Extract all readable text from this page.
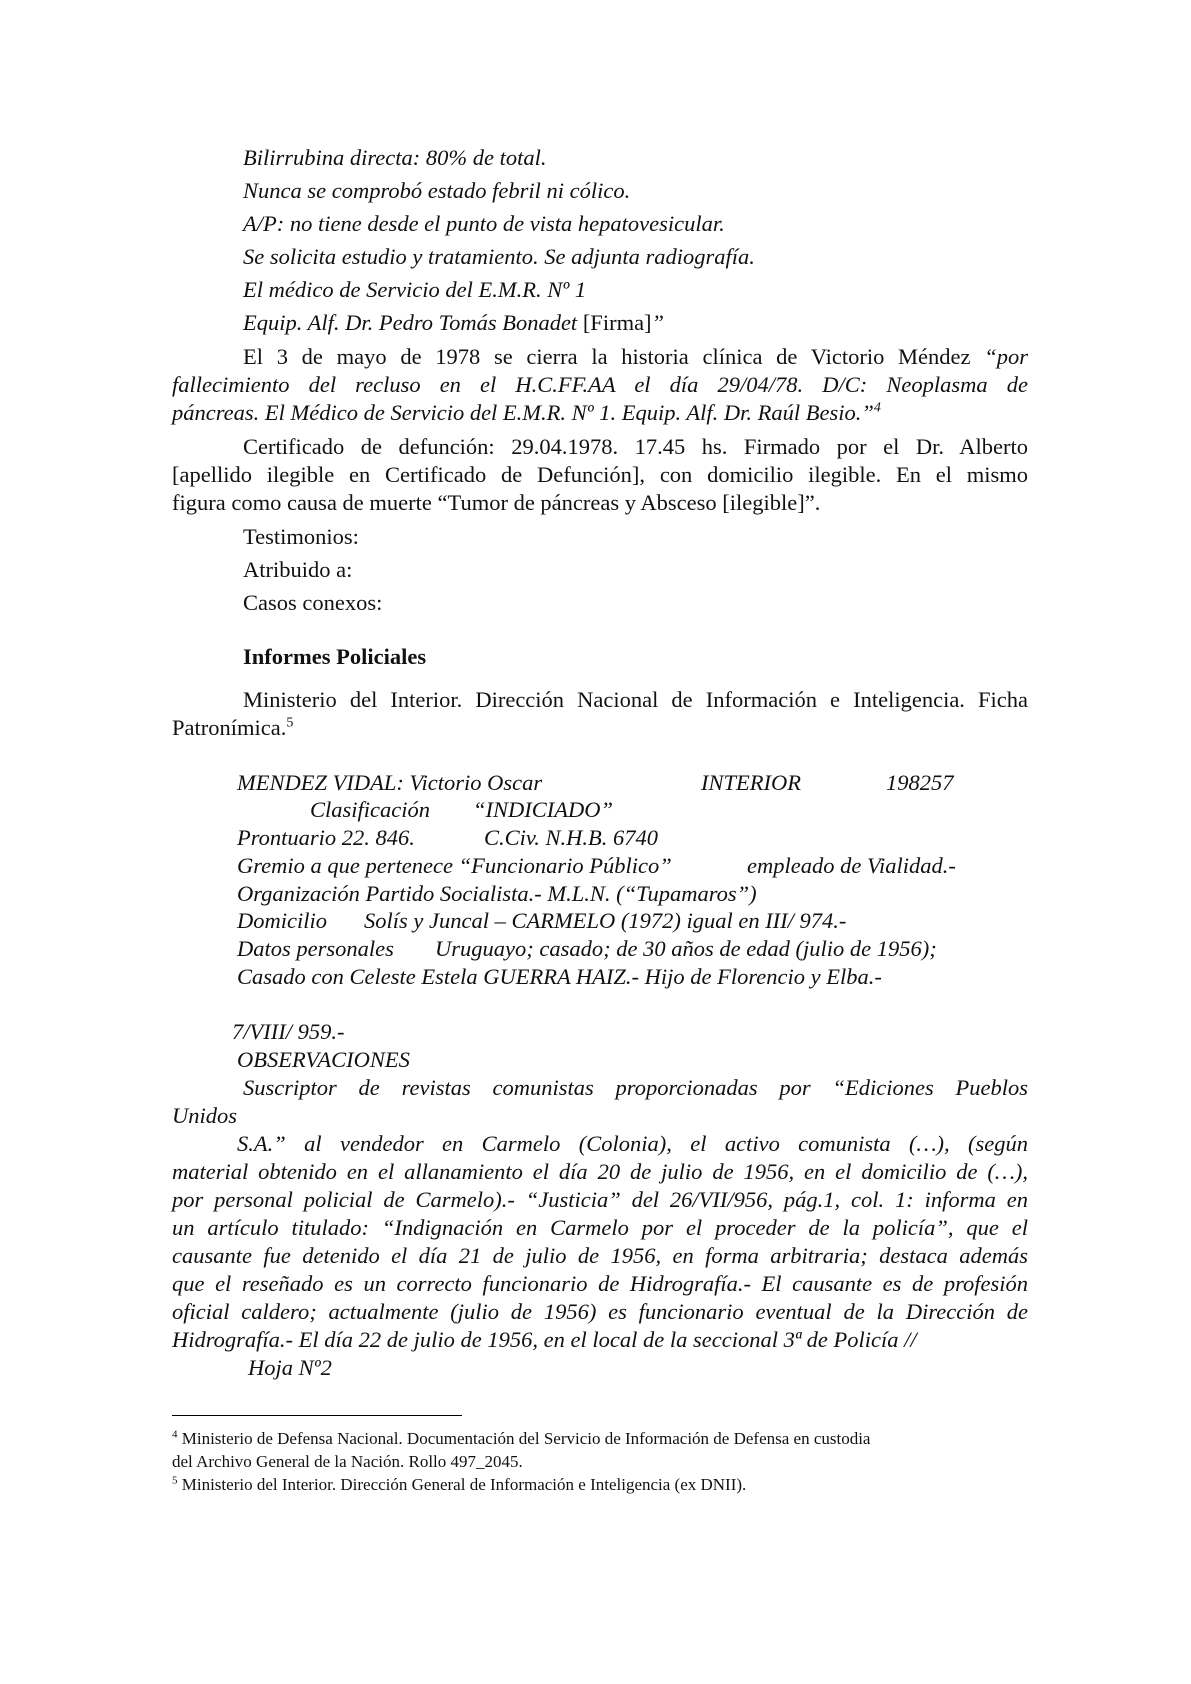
Bilirrubina directa: 80% de total.
Nunca se comprobó estado febril ni cólico.
A/P: no tiene desde el punto de vista hepatovesicular.
Se solicita estudio y tratamiento. Se adjunta radiografía.
El médico de Servicio del E.M.R. Nº 1
Equip. Alf. Dr. Pedro Tomás Bonadet [Firma]”
El 3 de mayo de 1978 se cierra la historia clínica de Victorio Méndez “por
fallecimiento del recluso en el H.C.FF.AA el día 29/04/78. D/C: Neoplasma de
páncreas. El Médico de Servicio del E.M.R. Nº 1. Equip. Alf. Dr. Raúl Besio.”$^4$
Certificado de defunción: 29.04.1978. 17.45 hs. Firmado por el Dr. Alberto
[apellido ilegible en Certificado de Defunción], con domicilio ilegible. En el mismo
figura como causa de muerte “Tumor de páncreas y Absceso [ilegible]”.
Testimonios:
Atribuido a:
Casos conexos:
Informes Policiales
Ministerio del Interior. Dirección Nacional de Información e Inteligencia. Ficha
Patronímica.$^5$
MENDEZ VIDAL: Victorio Oscar	INTERIOR	198257
Clasificación “INDICIADO”
Prontuario 22. 846.	C.Civ. N.H.B. 6740
Gremio a que pertenece “Funcionario Público”	empleado de Vialidad.-
Organización Partido Socialista.- M.L.N. (“Tupamaros”)
Domicilio Solís y Juncal – CARMELO (1972) igual en III/ 974.-
Datos personales Uruguayo; casado; de 30 años de edad (julio de 1956);
Casado con Celeste Estela GUERRA HAIZ.- Hijo de Florencio y Elba.-
7/VIII/ 959.-
OBSERVACIONES
Suscriptor de revistas comunistas proporcionadas por “Ediciones Pueblos
Unidos
S.A.” al vendedor en Carmelo (Colonia), el activo comunista (…), (según
material obtenido en el allanamiento el día 20 de julio de 1956, en el domicilio de (…),
por personal policial de Carmelo).- “Justicia” del 26/VII/956, pág.1, col. 1: informa en
un artículo titulado: “Indignación en Carmelo por el proceder de la policía”, que el
causante fue detenido el día 21 de julio de 1956, en forma arbitraria; destaca además
que el reseñado es un correcto funcionario de Hidrografía.- El causante es de profesión
oficial caldero; actualmente (julio de 1956) es funcionario eventual de la Dirección de
Hidrografía.- El día 22 de julio de 1956, en el local de la seccional 3ª de Policía //
Hoja Nº2
$^4$ Ministerio de Defensa Nacional. Documentación del Servicio de Información de Defensa en custodia
del Archivo General de la Nación. Rollo 497_2045.
$^5$ Ministerio del Interior. Dirección General de Información e Inteligencia (ex DNII).
